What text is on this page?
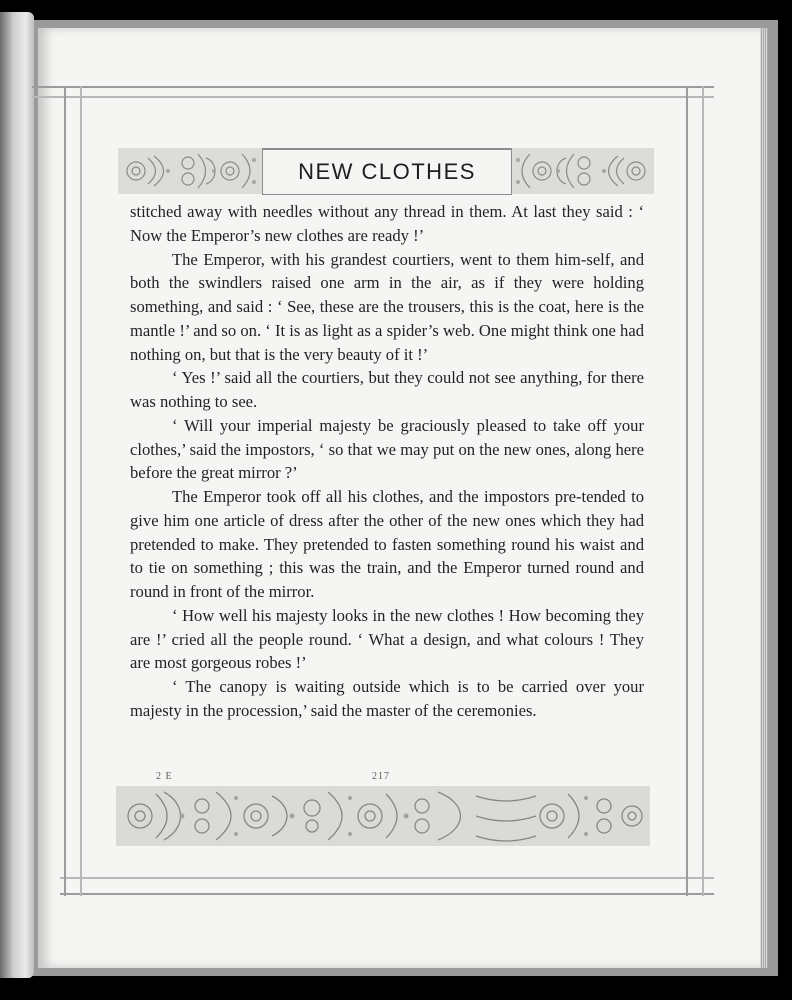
NEW CLOTHES

stitched away with needles without any thread in them. At last they said : ‘ Now the Emperor’s new clothes are ready !’

The Emperor, with his grandest courtiers, went to them him-self, and both the swindlers raised one arm in the air, as if they were holding something, and said : ‘ See, these are the trousers, this is the coat, here is the mantle !’ and so on. ‘ It is as light as a spider’s web. One might think one had nothing on, but that is the very beauty of it !’

‘ Yes !’ said all the courtiers, but they could not see anything, for there was nothing to see.

‘ Will your imperial majesty be graciously pleased to take off your clothes,’ said the impostors, ‘ so that we may put on the new ones, along here before the great mirror ?’

The Emperor took off all his clothes, and the impostors pre-tended to give him one article of dress after the other of the new ones which they had pretended to make. They pretended to fasten something round his waist and to tie on something ; this was the train, and the Emperor turned round and round in front of the mirror.

‘ How well his majesty looks in the new clothes ! How becoming they are !’ cried all the people round. ‘ What a design, and what colours ! They are most gorgeous robes !’

‘ The canopy is waiting outside which is to be carried over your majesty in the procession,’ said the master of the ceremonies.

2 E	217
